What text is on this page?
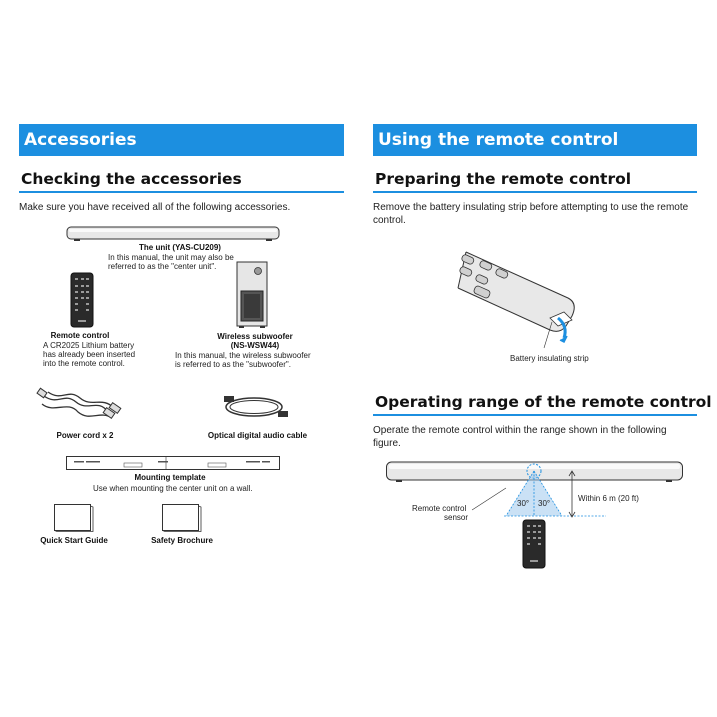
Accessories
Checking the accessories
Make sure you have received all of the following accessories.
The unit (YAS-CU209)
In this manual, the unit may also be
referred to as the "center unit".
Remote control
A CR2025 Lithium battery
has already been inserted
into the remote control.
Wireless subwoofer
(NS-WSW44)
In this manual, the wireless subwoofer
is referred to as the "subwoofer".
Power cord x 2	Optical digital audio cable
Mounting template
Use when mounting the center unit on a wall.
Quick Start Guide	Safety Brochure
Using the remote control
Preparing the remote control
Remove the battery insulating strip before attempting to use the remote
control.
Battery insulating strip
Operating range of the remote control
Operate the remote control within the range shown in the following
figure.
30° 30°
Within 6 m (20 ft)
Remote control
sensor
